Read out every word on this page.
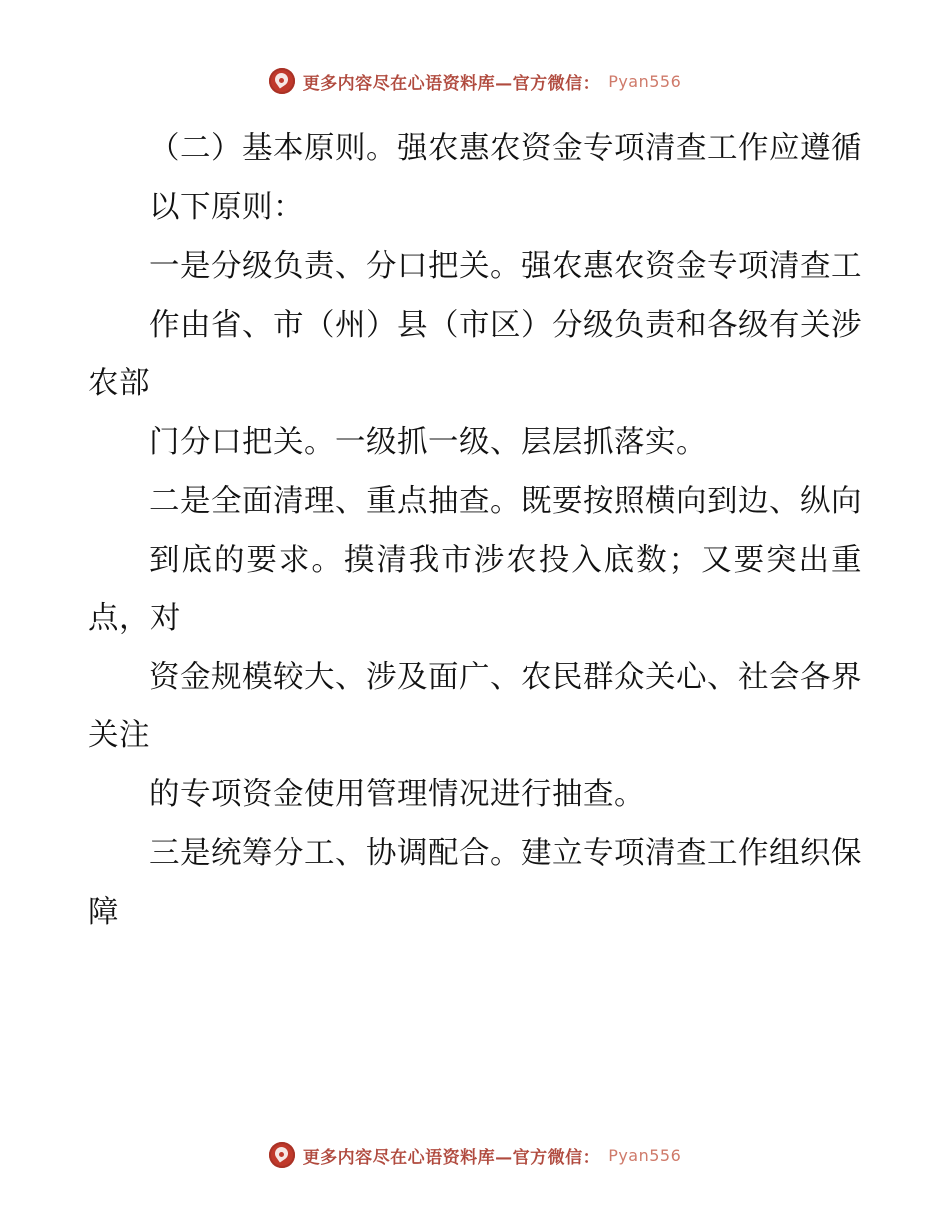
更多内容尽在心语资料库—官方微信： Pyan556

（二）基本原则。强农惠农资金专项清查工作应遵循

以下原则：

一是分级负责、分口把关。强农惠农资金专项清查工

作由省、市（州）县（市区）分级负责和各级有关涉农部

门分口把关。一级抓一级、层层抓落实。

二是全面清理、重点抽查。既要按照横向到边、纵向

到底的要求。摸清我市涉农投入底数；又要突出重点，对

资金规模较大、涉及面广、农民群众关心、社会各界关注

的专项资金使用管理情况进行抽查。

三是统筹分工、协调配合。建立专项清查工作组织保

障

更多内容尽在心语资料库—官方微信： Pyan556
